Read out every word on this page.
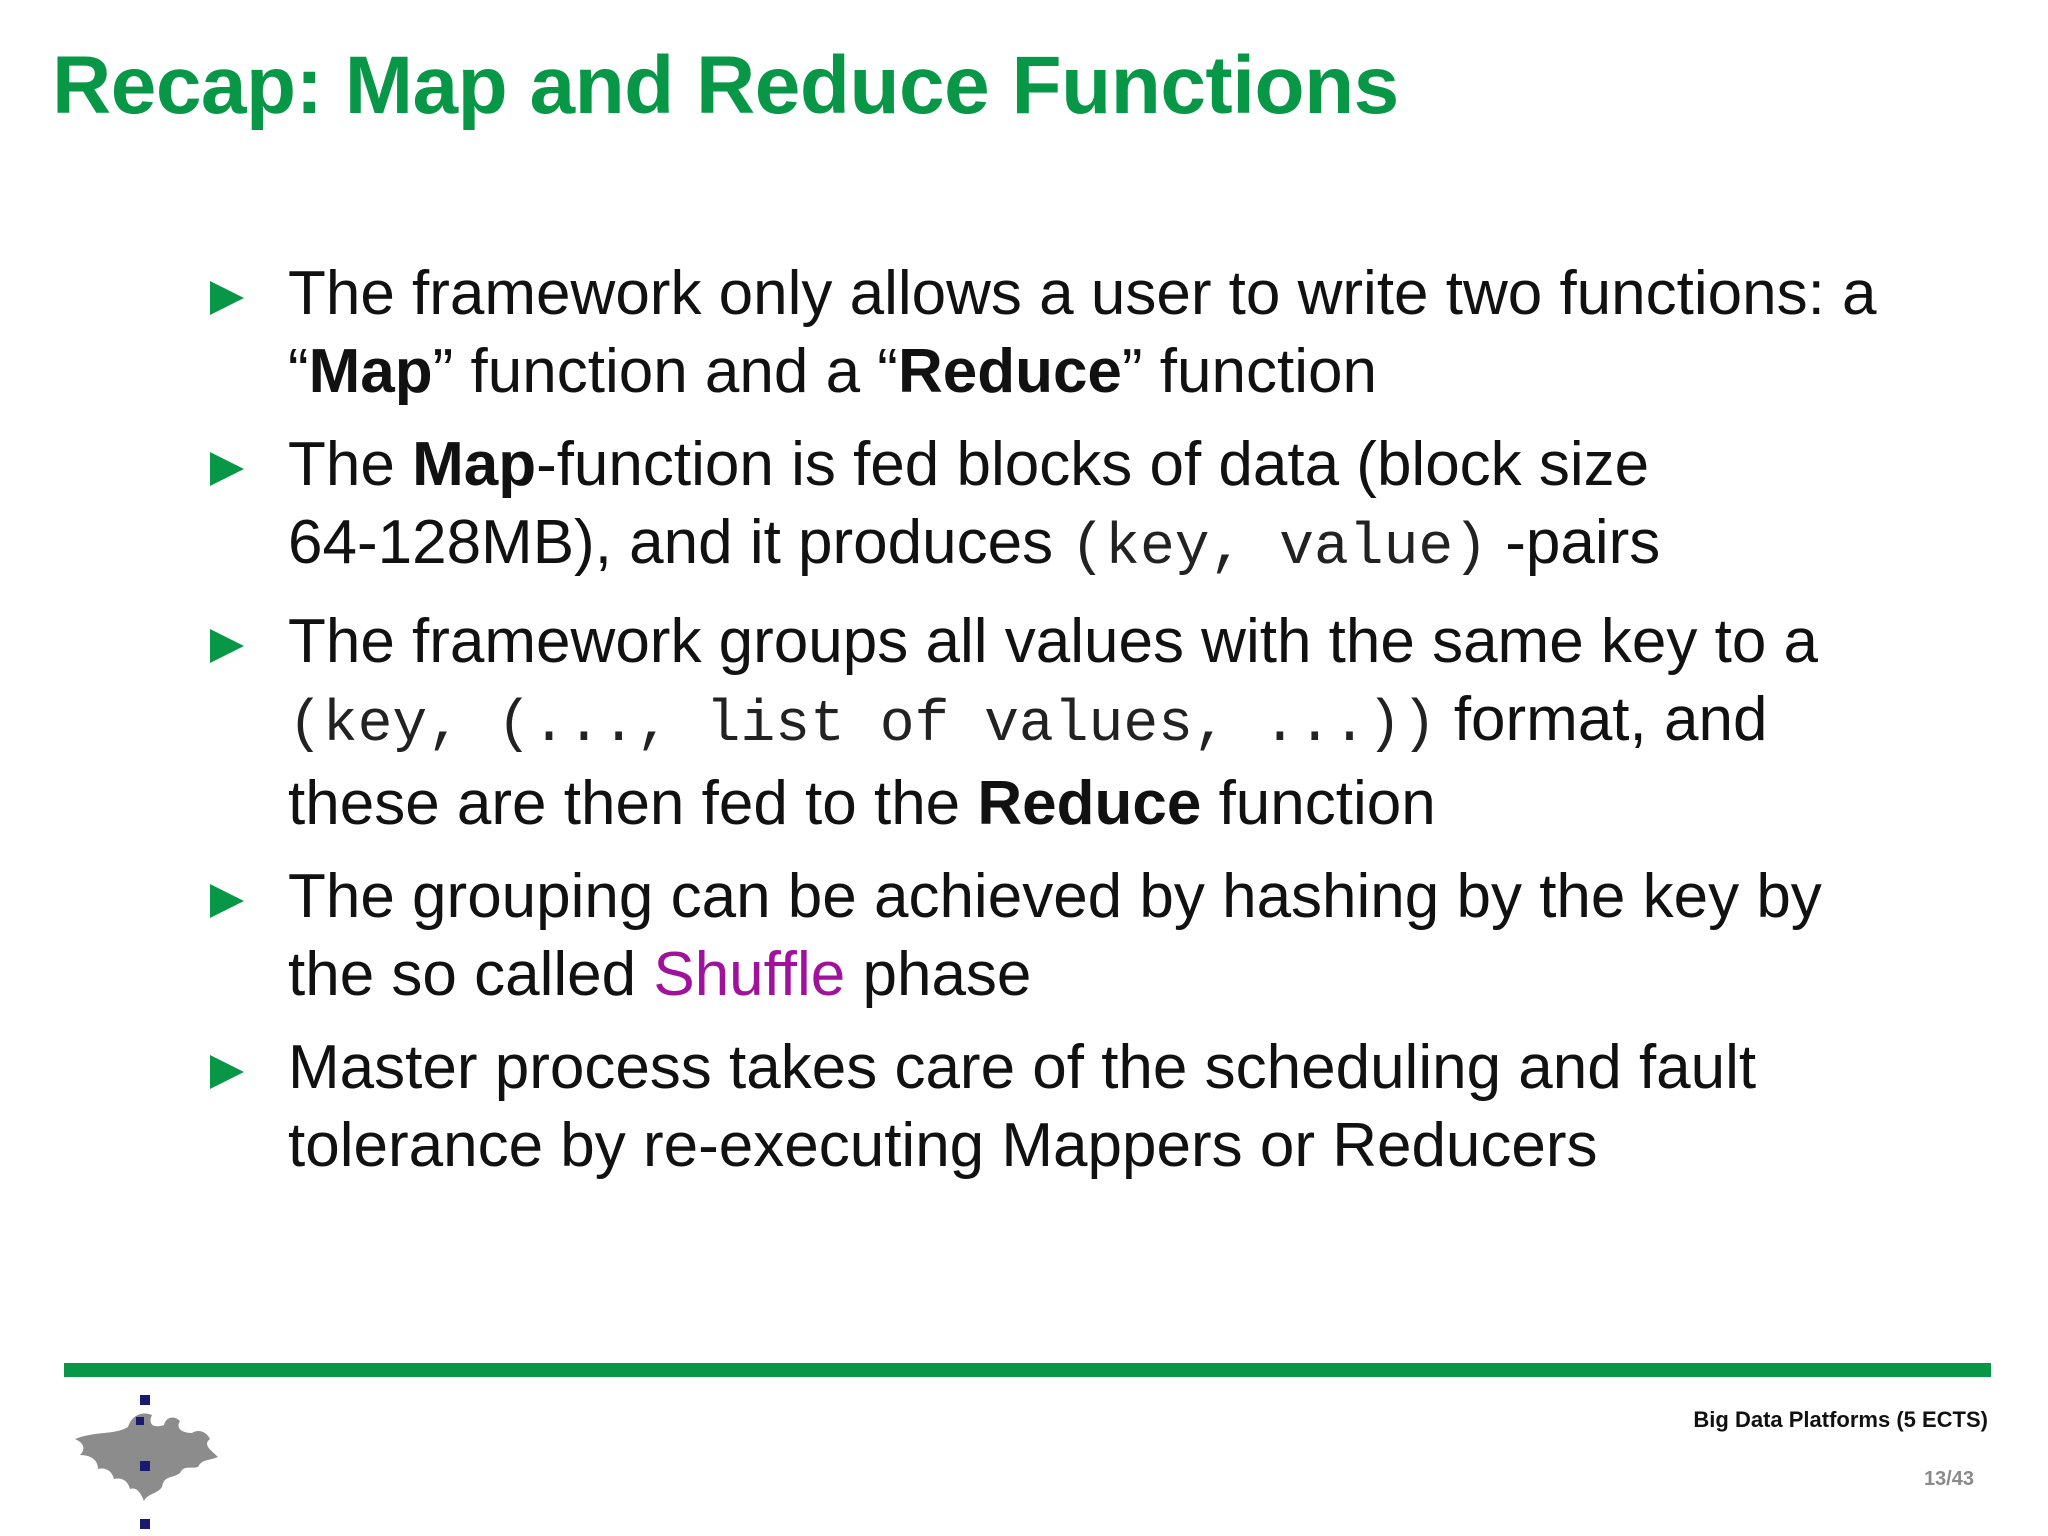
Recap: Map and Reduce Functions
The framework only allows a user to write two functions: a
“Map” function and a “Reduce” function
The Map-function is fed blocks of data (block size
64-128MB), and it produces (key, value) -pairs
The framework groups all values with the same key to a
(key, (..., list of values, ...)) format, and
these are then fed to the Reduce function
The grouping can be achieved by hashing by the key by
the so called Shuffle phase
Master process takes care of the scheduling and fault
tolerance by re-executing Mappers or Reducers
Big Data Platforms (5 ECTS)
13/43
